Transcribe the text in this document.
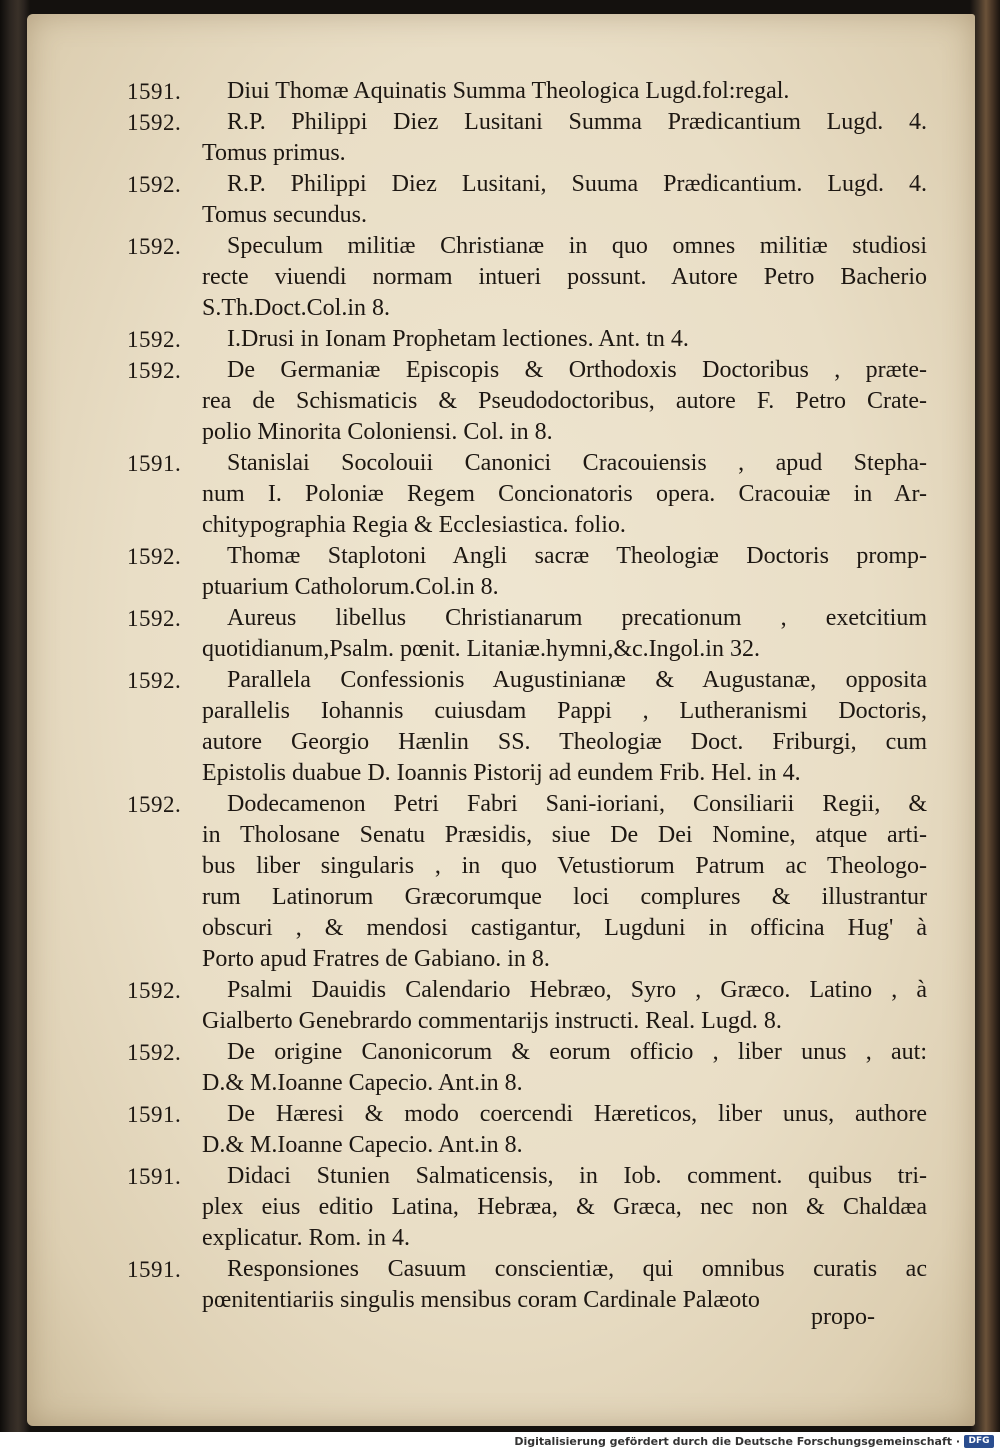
1591.	Diui Thomæ Aquinatis Summa Theologica Lugd.fol:regal.
1592.	R.P. Philippi Diez Lusitani Summa Prædicantium Lugd. 4.
Tomus primus.
1592.	R.P. Philippi Diez Lusitani, Suuma Prædicantium. Lugd. 4.
Tomus secundus.
1592.	Speculum militiæ Christianæ in quo omnes militiæ studiosi
recte viuendi normam intueri possunt. Autore Petro Bacherio
S.Th.Doct.Col.in 8.
1592.	I.Drusi in Ionam Prophetam lectiones. Ant. tn 4.
1592.	De Germaniæ Episcopis & Orthodoxis Doctoribus , præte-
rea de Schismaticis & Pseudodoctoribus, autore F. Petro Crate-
polio Minorita Coloniensi. Col. in 8.
1591.	Stanislai Socolouii Canonici Cracouiensis , apud Stepha-
num I. Poloniæ Regem Concionatoris opera. Cracouiæ in Ar-
chitypographia Regia & Ecclesiastica. folio.
1592.	Thomæ Staplotoni Angli sacræ Theologiæ Doctoris promp-
ptuarium Catholorum.Col.in 8.
1592.	Aureus libellus Christianarum precationum , exetcitium
quotidianum,Psalm. pœnit. Litaniæ.hymni,&c.Ingol.in 32.
1592.	Parallela Confessionis Augustinianæ & Augustanæ, opposita
parallelis Iohannis cuiusdam Pappi , Lutheranismi Doctoris,
autore Georgio Hænlin SS. Theologiæ Doct. Friburgi, cum
Epistolis duabue D. Ioannis Pistorij ad eundem Frib. Hel. in 4.
1592.	Dodecamenon Petri Fabri Sani-ioriani, Consiliarii Regii, &
in Tholosane Senatu Præsidis, siue De Dei Nomine, atque arti-
bus liber singularis , in quo Vetustiorum Patrum ac Theologo-
rum Latinorum Græcorumque loci complures & illustrantur
obscuri , & mendosi castigantur, Lugduni in officina Hug' à
Porto apud Fratres de Gabiano. in 8.
1592.	Psalmi Dauidis Calendario Hebræo, Syro , Græco. Latino , à
Gialberto Genebrardo commentarijs instructi. Real. Lugd. 8.
1592.	De origine Canonicorum & eorum officio , liber unus , aut:
D.& M.Ioanne Capecio. Ant.in 8.
1591.	De Hæresi & modo coercendi Hæreticos, liber unus, authore
D.& M.Ioanne Capecio. Ant.in 8.
1591.	Didaci Stunien Salmaticensis, in Iob. comment. quibus tri-
plex eius editio Latina, Hebræa, & Græca, nec non & Chaldæa
explicatur. Rom. in 4.
1591.	Responsiones Casuum conscientiæ, qui omnibus curatis ac
pœnitentiariis singulis mensibus coram Cardinale Palæoto
propo-
Digitalisierung gefördert durch die Deutsche Forschungsgemeinschaft · DFG
